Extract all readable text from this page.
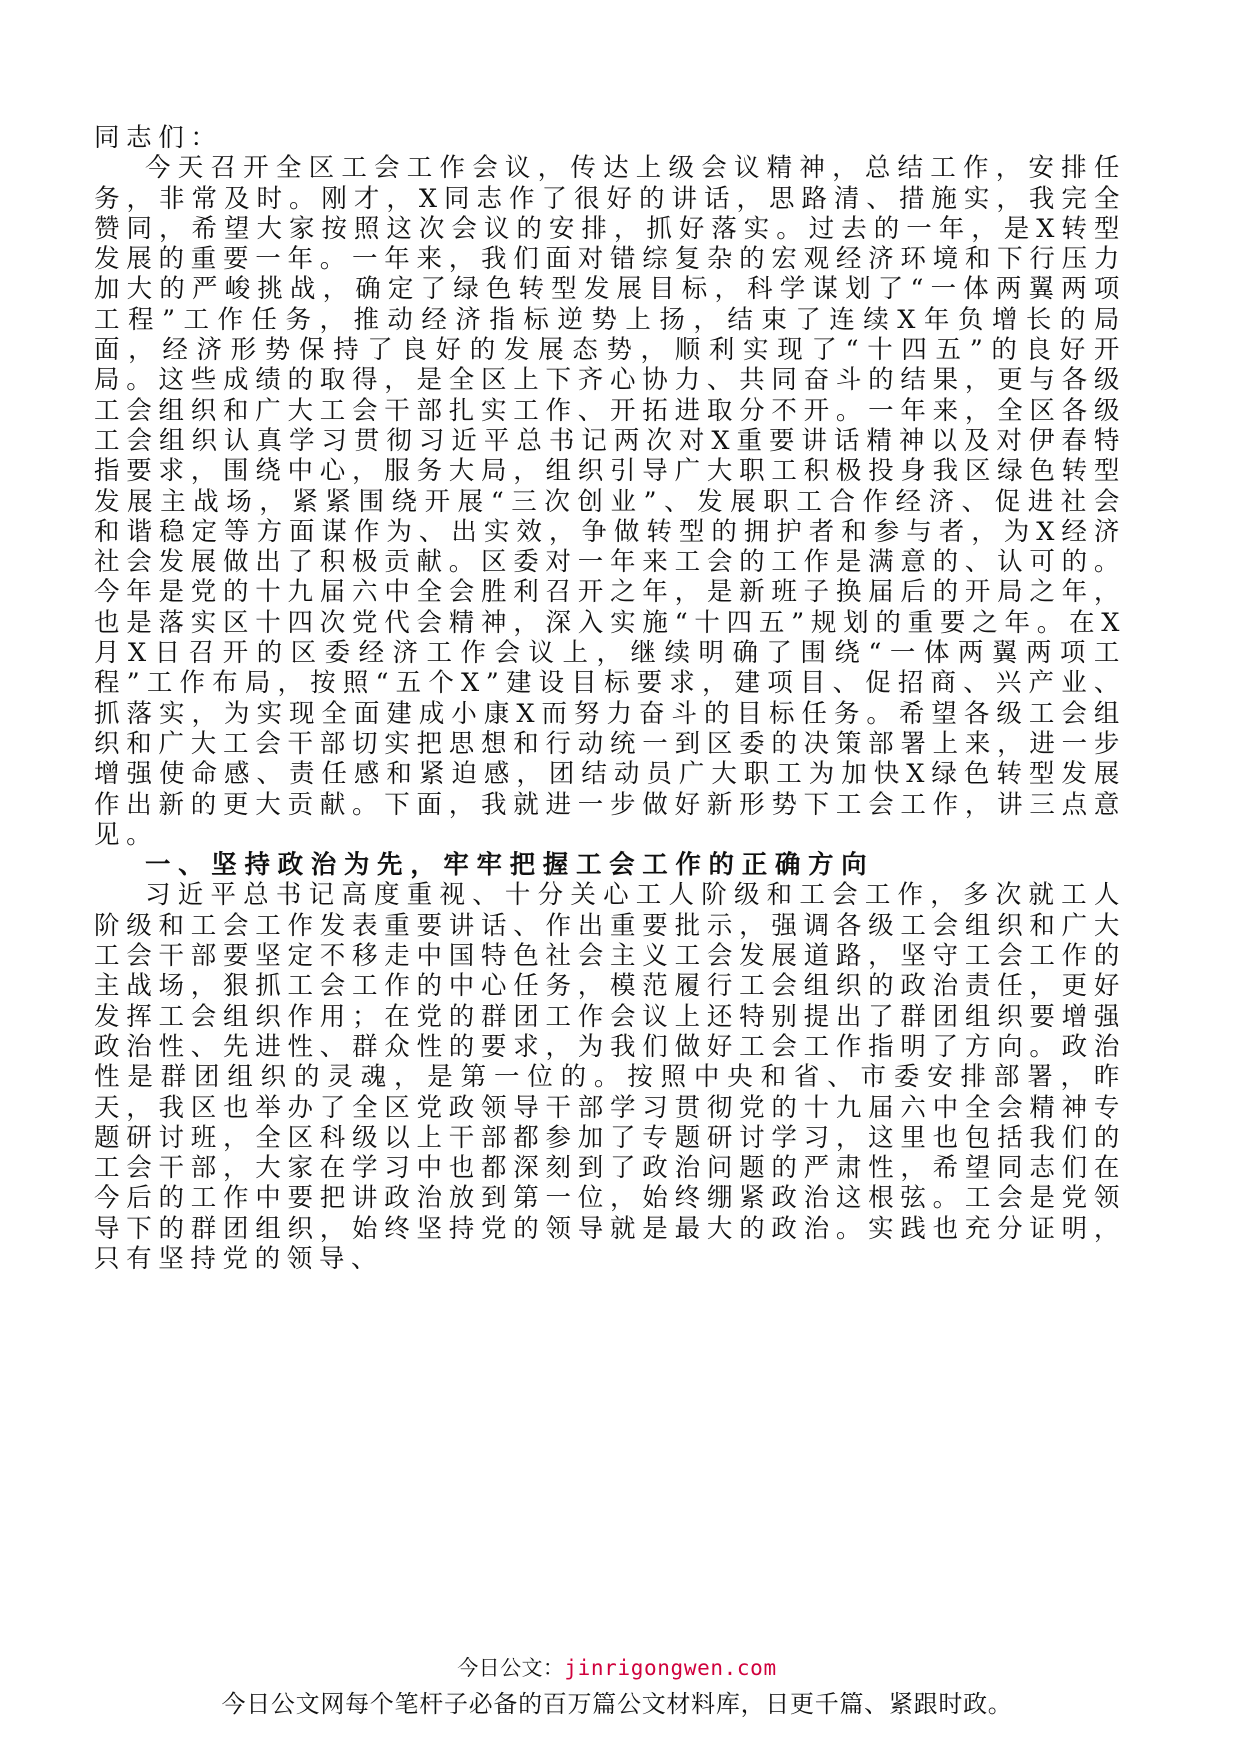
同志们：

今天召开全区工会工作会议，传达上级会议精神，总结工作，安排任务，非常及时。刚才，X同志作了很好的讲话，思路清、措施实，我完全赞同，希望大家按照这次会议的安排，抓好落实。过去的一年，是X转型发展的重要一年。一年来，我们面对错综复杂的宏观经济环境和下行压力加大的严峻挑战，确定了绿色转型发展目标，科学谋划了“一体两翼两项工程”工作任务，推动经济指标逆势上扬，结束了连续X年负增长的局面，经济形势保持了良好的发展态势，顺利实现了“十四五”的良好开局。这些成绩的取得，是全区上下齐心协力、共同奋斗的结果，更与各级工会组织和广大工会干部扎实工作、开拓进取分不开。一年来，全区各级工会组织认真学习贯彻习近平总书记两次对X重要讲话精神以及对伊春特指要求，围绕中心，服务大局，组织引导广大职工积极投身我区绿色转型发展主战场，紧紧围绕开展“三次创业”、发展职工合作经济、促进社会和谐稳定等方面谋作为、出实效，争做转型的拥护者和参与者，为X经济社会发展做出了积极贡献。区委对一年来工会的工作是满意的、认可的。今年是党的十九届六中全会胜利召开之年，是新班子换届后的开局之年，也是落实区十四次党代会精神，深入实施“十四五”规划的重要之年。在X月X日召开的区委经济工作会议上，继续明确了围绕“一体两翼两项工程”工作布局，按照“五个X”建设目标要求，建项目、促招商、兴产业、抓落实，为实现全面建成小康X而努力奋斗的目标任务。希望各级工会组织和广大工会干部切实把思想和行动统一到区委的决策部署上来，进一步增强使命感、责任感和紧迫感，团结动员广大职工为加快X绿色转型发展作出新的更大贡献。下面，我就进一步做好新形势下工会工作，讲三点意见。

一、坚持政治为先，牢牢把握工会工作的正确方向

习近平总书记高度重视、十分关心工人阶级和工会工作，多次就工人阶级和工会工作发表重要讲话、作出重要批示，强调各级工会组织和广大工会干部要坚定不移走中国特色社会主义工会发展道路，坚守工会工作的主战场，狠抓工会工作的中心任务，模范履行工会组织的政治责任，更好发挥工会组织作用；在党的群团工作会议上还特别提出了群团组织要增强政治性、先进性、群众性的要求，为我们做好工会工作指明了方向。政治性是群团组织的灵魂，是第一位的。按照中央和省、市委安排部署，昨天，我区也举办了全区党政领导干部学习贯彻党的十九届六中全会精神专题研讨班，全区科级以上干部都参加了专题研讨学习，这里也包括我们的工会干部，大家在学习中也都深刻到了政治问题的严肃性，希望同志们在今后的工作中要把讲政治放到第一位，始终绷紧政治这根弦。工会是党领导下的群团组织，始终坚持党的领导就是最大的政治。实践也充分证明，只有坚持党的领导、

今日公文：jinrigongwen.com
今日公文网每个笔杆子必备的百万篇公文材料库，日更千篇、紧跟时政。
